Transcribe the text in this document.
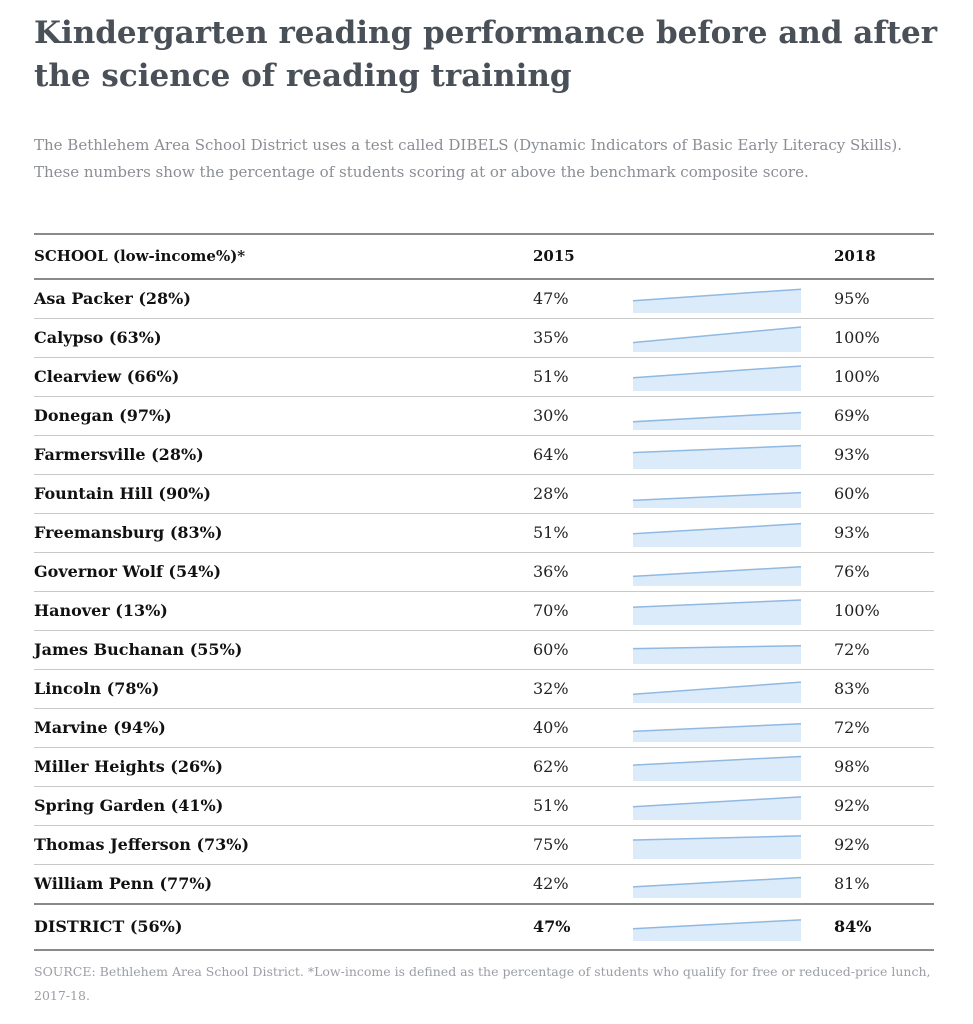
Kindergarten reading performance before and after the science of reading training

The Bethlehem Area School District uses a test called DIBELS (Dynamic Indicators of Basic Early Literacy Skills). These numbers show the percentage of students scoring at or above the benchmark composite score.

SCHOOL (low-income%)*	2015	2018
Asa Packer (28%)	47%	95%
Calypso (63%)	35%	100%
Clearview (66%)	51%	100%
Donegan (97%)	30%	69%
Farmersville (28%)	64%	93%
Fountain Hill (90%)	28%	60%
Freemansburg (83%)	51%	93%
Governor Wolf (54%)	36%	76%
Hanover (13%)	70%	100%
James Buchanan (55%)	60%	72%
Lincoln (78%)	32%	83%
Marvine (94%)	40%	72%
Miller Heights (26%)	62%	98%
Spring Garden (41%)	51%	92%
Thomas Jefferson (73%)	75%	92%
William Penn (77%)	42%	81%
DISTRICT (56%)	47%	84%

SOURCE: Bethlehem Area School District. *Low-income is defined as the percentage of students who qualify for free or reduced-price lunch, 2017-18.
